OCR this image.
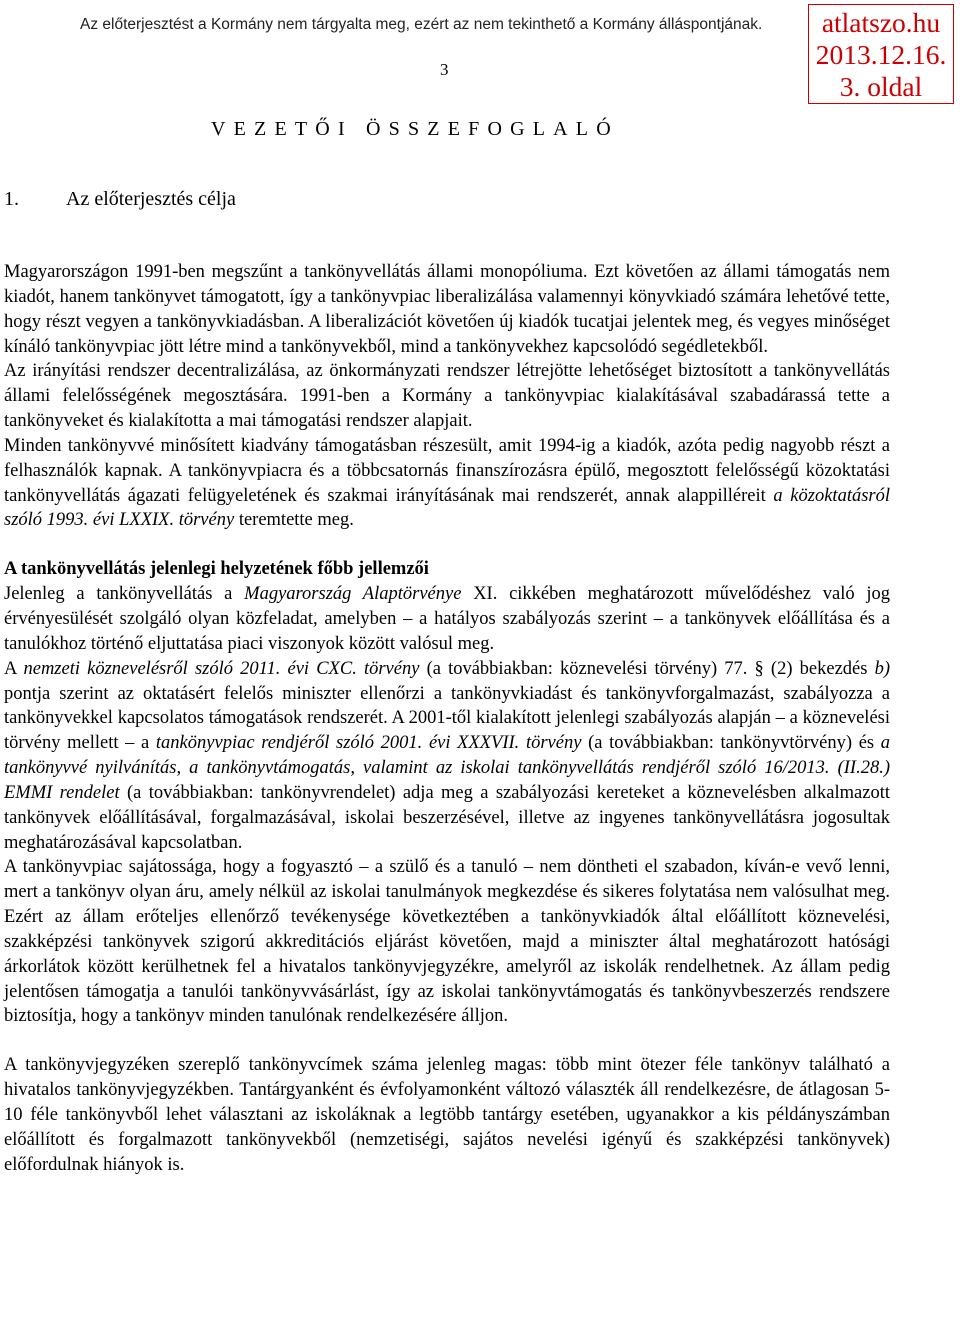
Az előterjesztést a Kormány nem tárgyalta meg, ezért az nem tekinthető a Kormány álláspontjának.	atlatszo.hu
2013.12.16.
3. oldal
3
VEZETŐI ÖSSZEFOGLALÓ
1. Az előterjesztés célja

Magyarországon 1991-ben megszűnt a tankönyvellátás állami monopóliuma. Ezt követően az állami támogatás nem kiadót, hanem tankönyvet támogatott, így a tankönyvpiac liberalizálása valamennyi könyvkiadó számára lehetővé tette, hogy részt vegyen a tankönyvkiadásban. A liberalizációt követően új kiadók tucatjai jelentek meg, és vegyes minőséget kínáló tankönyvpiac jött létre mind a tankönyvekből, mind a tankönyvekhez kapcsolódó segédletekből.

Az irányítási rendszer decentralizálása, az önkormányzati rendszer létrejötte lehetőséget biztosított a tankönyvellátás állami felelősségének megosztására. 1991-ben a Kormány a tankönyvpiac kialakításával szabadárassá tette a tankönyveket és kialakította a mai támogatási rendszer alapjait.

Minden tankönyvvé minősített kiadvány támogatásban részesült, amit 1994-ig a kiadók, azóta pedig nagyobb részt a felhasználók kapnak. A tankönyvpiacra és a többcsatornás finanszírozásra épülő, megosztott felelősségű közoktatási tankönyvellátás ágazati felügyeletének és szakmai irányításának mai rendszerét, annak alappilléreit a közoktatásról szóló 1993. évi LXXIX. törvény teremtette meg.

A tankönyvellátás jelenlegi helyzetének főbb jellemzői

Jelenleg a tankönyvellátás a Magyarország Alaptörvénye XI. cikkében meghatározott művelődéshez való jog érvényesülését szolgáló olyan közfeladat, amelyben – a hatályos szabályozás szerint – a tankönyvek előállítása és a tanulókhoz történő eljuttatása piaci viszonyok között valósul meg.

A nemzeti köznevelésről szóló 2011. évi CXC. törvény (a továbbiakban: köznevelési törvény) 77. § (2) bekezdés b) pontja szerint az oktatásért felelős miniszter ellenőrzi a tankönyvkiadást és tankönyvforgalmazást, szabályozza a tankönyvekkel kapcsolatos támogatások rendszerét. A 2001-től kialakított jelenlegi szabályozás alapján – a köznevelési törvény mellett – a tankönyvpiac rendjéről szóló 2001. évi XXXVII. törvény (a továbbiakban: tankönyvtörvény) és a tankönyvvé nyilvánítás, a tankönyvtámogatás, valamint az iskolai tankönyvellátás rendjéről szóló 16/2013. (II.28.) EMMI rendelet (a továbbiakban: tankönyvrendelet) adja meg a szabályozási kereteket a köznevelésben alkalmazott tankönyvek előállításával, forgalmazásával, iskolai beszerzésével, illetve az ingyenes tankönyvellátásra jogosultak meghatározásával kapcsolatban.

A tankönyvpiac sajátossága, hogy a fogyasztó – a szülő és a tanuló – nem döntheti el szabadon, kíván-e vevő lenni, mert a tankönyv olyan áru, amely nélkül az iskolai tanulmányok megkezdése és sikeres folytatása nem valósulhat meg. Ezért az állam erőteljes ellenőrző tevékenysége következtében a tankönyvkiadók által előállított köznevelési, szakképzési tankönyvek szigorú akkreditációs eljárást követően, majd a miniszter által meghatározott hatósági árkorlátok között kerülhetnek fel a hivatalos tankönyvjegyzékre, amelyről az iskolák rendelhetnek. Az állam pedig jelentősen támogatja a tanulói tankönyvvásárlást, így az iskolai tankönyvtámogatás és tankönyvbeszerzés rendszere biztosítja, hogy a tankönyv minden tanulónak rendelkezésére álljon.

A tankönyvjegyzéken szereplő tankönyvcímek száma jelenleg magas: több mint ötezer féle tankönyv található a hivatalos tankönyvjegyzékben. Tantárgyanként és évfolyamonként változó választék áll rendelkezésre, de átlagosan 5-10 féle tankönyvből lehet választani az iskoláknak a legtöbb tantárgy esetében, ugyanakkor a kis példányszámban előállított és forgalmazott tankönyvekből (nemzetiségi, sajátos nevelési igényű és szakképzési tankönyvek) előfordulnak hiányok is.
